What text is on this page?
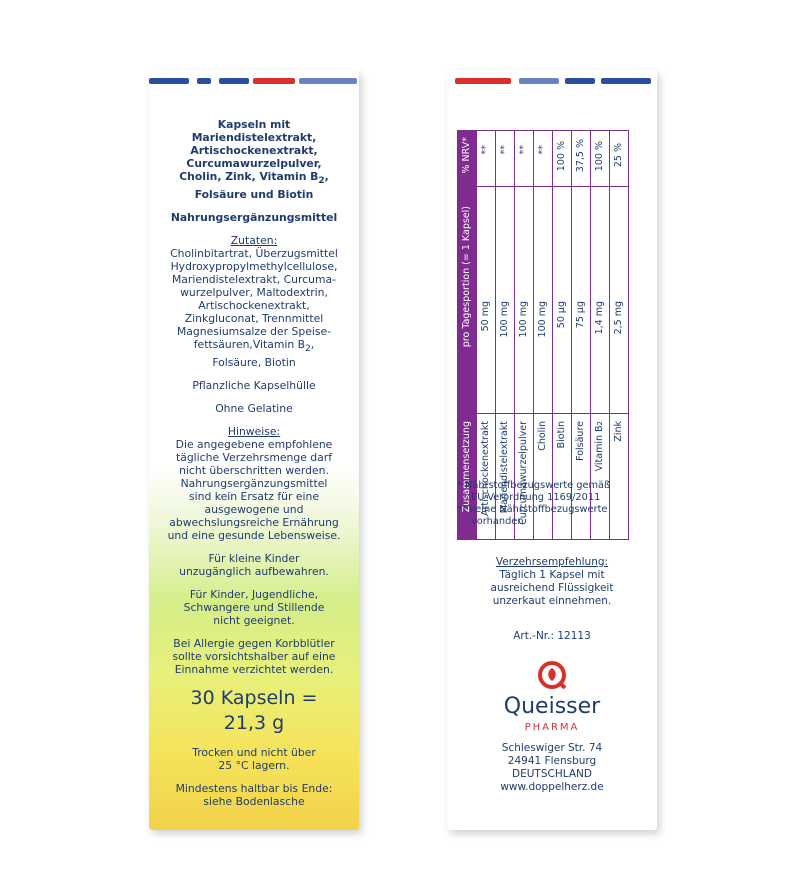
Kapseln mit
Mariendistelextrakt,
Artischockenextrakt,
Curcumawurzelpulver,
Cholin, Zink, Vitamin $B_2$,
Folsäure und Biotin
Nahrungsergänzungsmittel
Zutaten:
Cholinbitartrat, Überzugsmittel
Hydroxypropylmethylcellulose,
Mariendistelextrakt, Curcuma-
wurzelpulver, Maltodextrin,
Artischockenextrakt,
Zinkgluconat, Trennmittel
Magnesiumsalze der Speise-
fettsäuren,Vitamin $B_2$,
Folsäure, Biotin
Pflanzliche Kapselhülle
Ohne Gelatine
Hinweise:
Die angegebene empfohlene
tägliche Verzehrsmenge darf
nicht überschritten werden.
Nahrungsergänzungsmittel
sind kein Ersatz für eine
ausgewogene und
abwechslungsreiche Ernährung
und eine gesunde Lebensweise.
Für kleine Kinder
unzugänglich aufbewahren.
Für Kinder, Jugendliche,
Schwangere und Stillende
nicht geeignet.
Bei Allergie gegen Korbblütler
sollte vorsichtshalber auf eine
Einnahme verzichtet werden.
30 Kapseln =
21,3 g
Trocken und nicht über
25 °C lagern.
Mindestens haltbar bis Ende:
siehe Bodenlasche
Zusammensetzung
pro Tagesportion (= 1 Kapsel)
% NRV*
Artischockenextrakt
50 mg
**
Mariendistelextrakt
100 mg
**
Curcumawurzelpulver
100 mg
**
Cholin
100 mg
**
Biotin
50 µg
100 %
Folsäure
75 µg
37,5 %
Vitamin B2
1,4 mg
100 %
Zink
2,5 mg
25 %
* Nährstoffbezugswerte gemäß
EU-Verordnung 1169/2011
** keine Nährstoffbezugswerte
vorhanden
Verzehrsempfehlung:
Täglich 1 Kapsel mit
ausreichend Flüssigkeit
unzerkaut einnehmen.
Art.-Nr.: 12113
Queisser
PHARMA
Schleswiger Str. 74
24941 Flensburg
DEUTSCHLAND
www.doppelherz.de
